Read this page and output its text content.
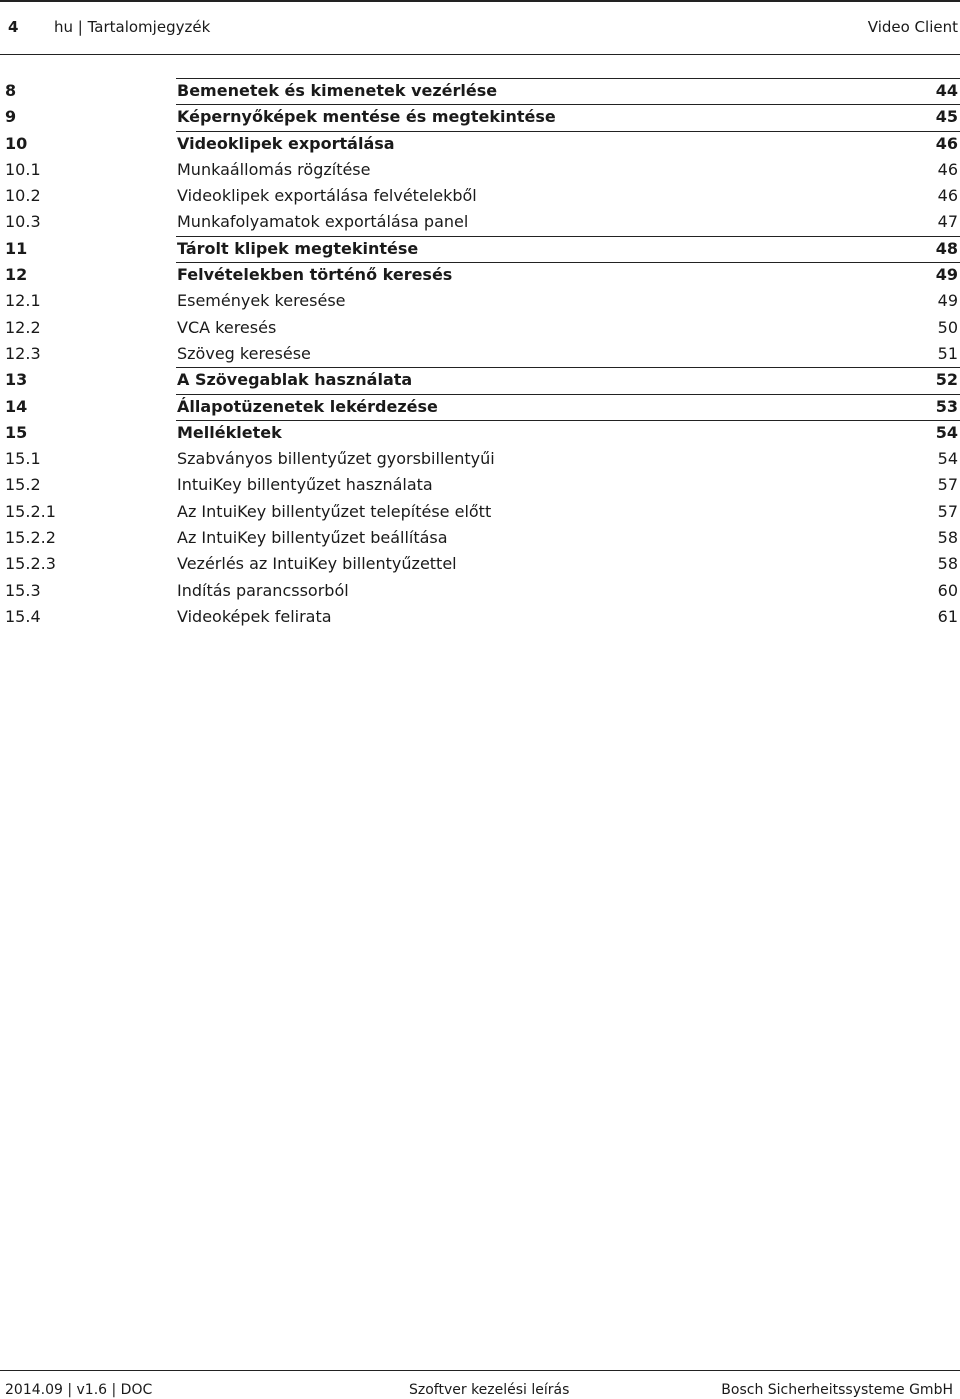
4 hu | Tartalomjegyzék	Video Client
8	Bemenetek és kimenetek vezérlése	44
9	Képernyőképek mentése és megtekintése	45
10	Videoklipek exportálása	46
10.1	Munkaállomás rögzítése	46
10.2	Videoklipek exportálása felvételekből	46
10.3	Munkafolyamatok exportálása panel	47
11	Tárolt klipek megtekintése	48
12	Felvételekben történő keresés	49
12.1	Események keresése	49
12.2	VCA keresés	50
12.3	Szöveg keresése	51
13	A Szövegablak használata	52
14	Állapotüzenetek lekérdezése	53
15	Mellékletek	54
15.1	Szabványos billentyűzet gyorsbillentyűi	54
15.2	IntuiKey billentyűzet használata	57
15.2.1	Az IntuiKey billentyűzet telepítése előtt	57
15.2.2	Az IntuiKey billentyűzet beállítása	58
15.2.3	Vezérlés az IntuiKey billentyűzettel	58
15.3	Indítás parancssorból	60
15.4	Videoképek felirata	61
2014.09 | v1.6 | DOC	Szoftver kezelési leírás	Bosch Sicherheitssysteme GmbH
